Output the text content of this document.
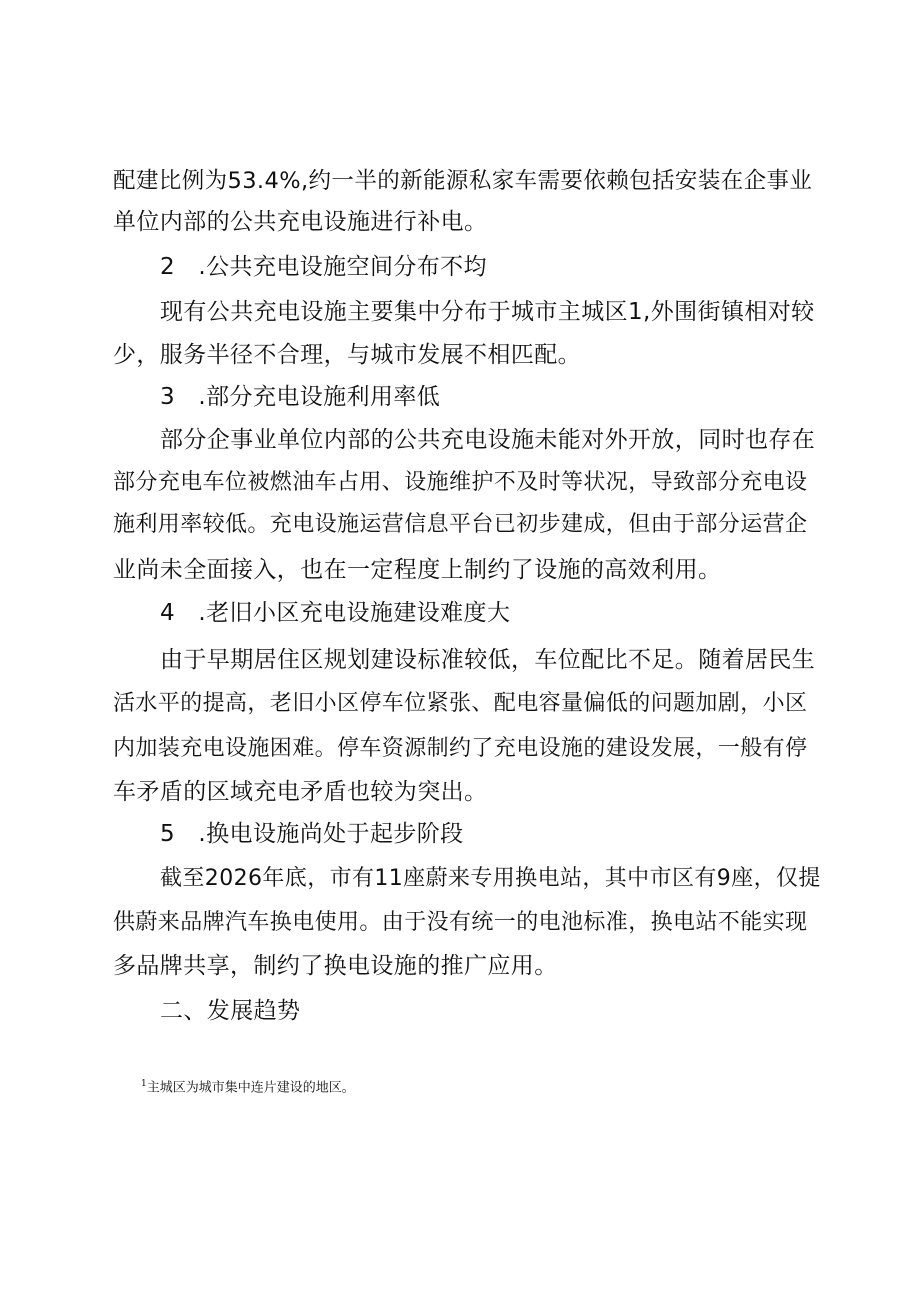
配建比例为53.4%,约一半的新能源私家车需要依赖包括安装在企事业
单位内部的公共充电设施进行补电。
2　.公共充电设施空间分布不均
现有公共充电设施主要集中分布于城市主城区1,外围街镇相对较
少，服务半径不合理，与城市发展不相匹配。
3　.部分充电设施利用率低
部分企事业单位内部的公共充电设施未能对外开放，同时也存在
部分充电车位被燃油车占用、设施维护不及时等状况，导致部分充电设
施利用率较低。充电设施运营信息平台已初步建成，但由于部分运营企
业尚未全面接入，也在一定程度上制约了设施的高效利用。
4　.老旧小区充电设施建设难度大
由于早期居住区规划建设标准较低，车位配比不足。随着居民生
活水平的提高，老旧小区停车位紧张、配电容量偏低的问题加剧，小区
内加装充电设施困难。停车资源制约了充电设施的建设发展，一般有停
车矛盾的区域充电矛盾也较为突出。
5　.换电设施尚处于起步阶段
截至2026年底，市有11座蔚来专用换电站，其中市区有9座，仅提
供蔚来品牌汽车换电使用。由于没有统一的电池标准，换电站不能实现
多品牌共享，制约了换电设施的推广应用。
二、发展趋势
$^1$主城区为城市集中连片建设的地区。
